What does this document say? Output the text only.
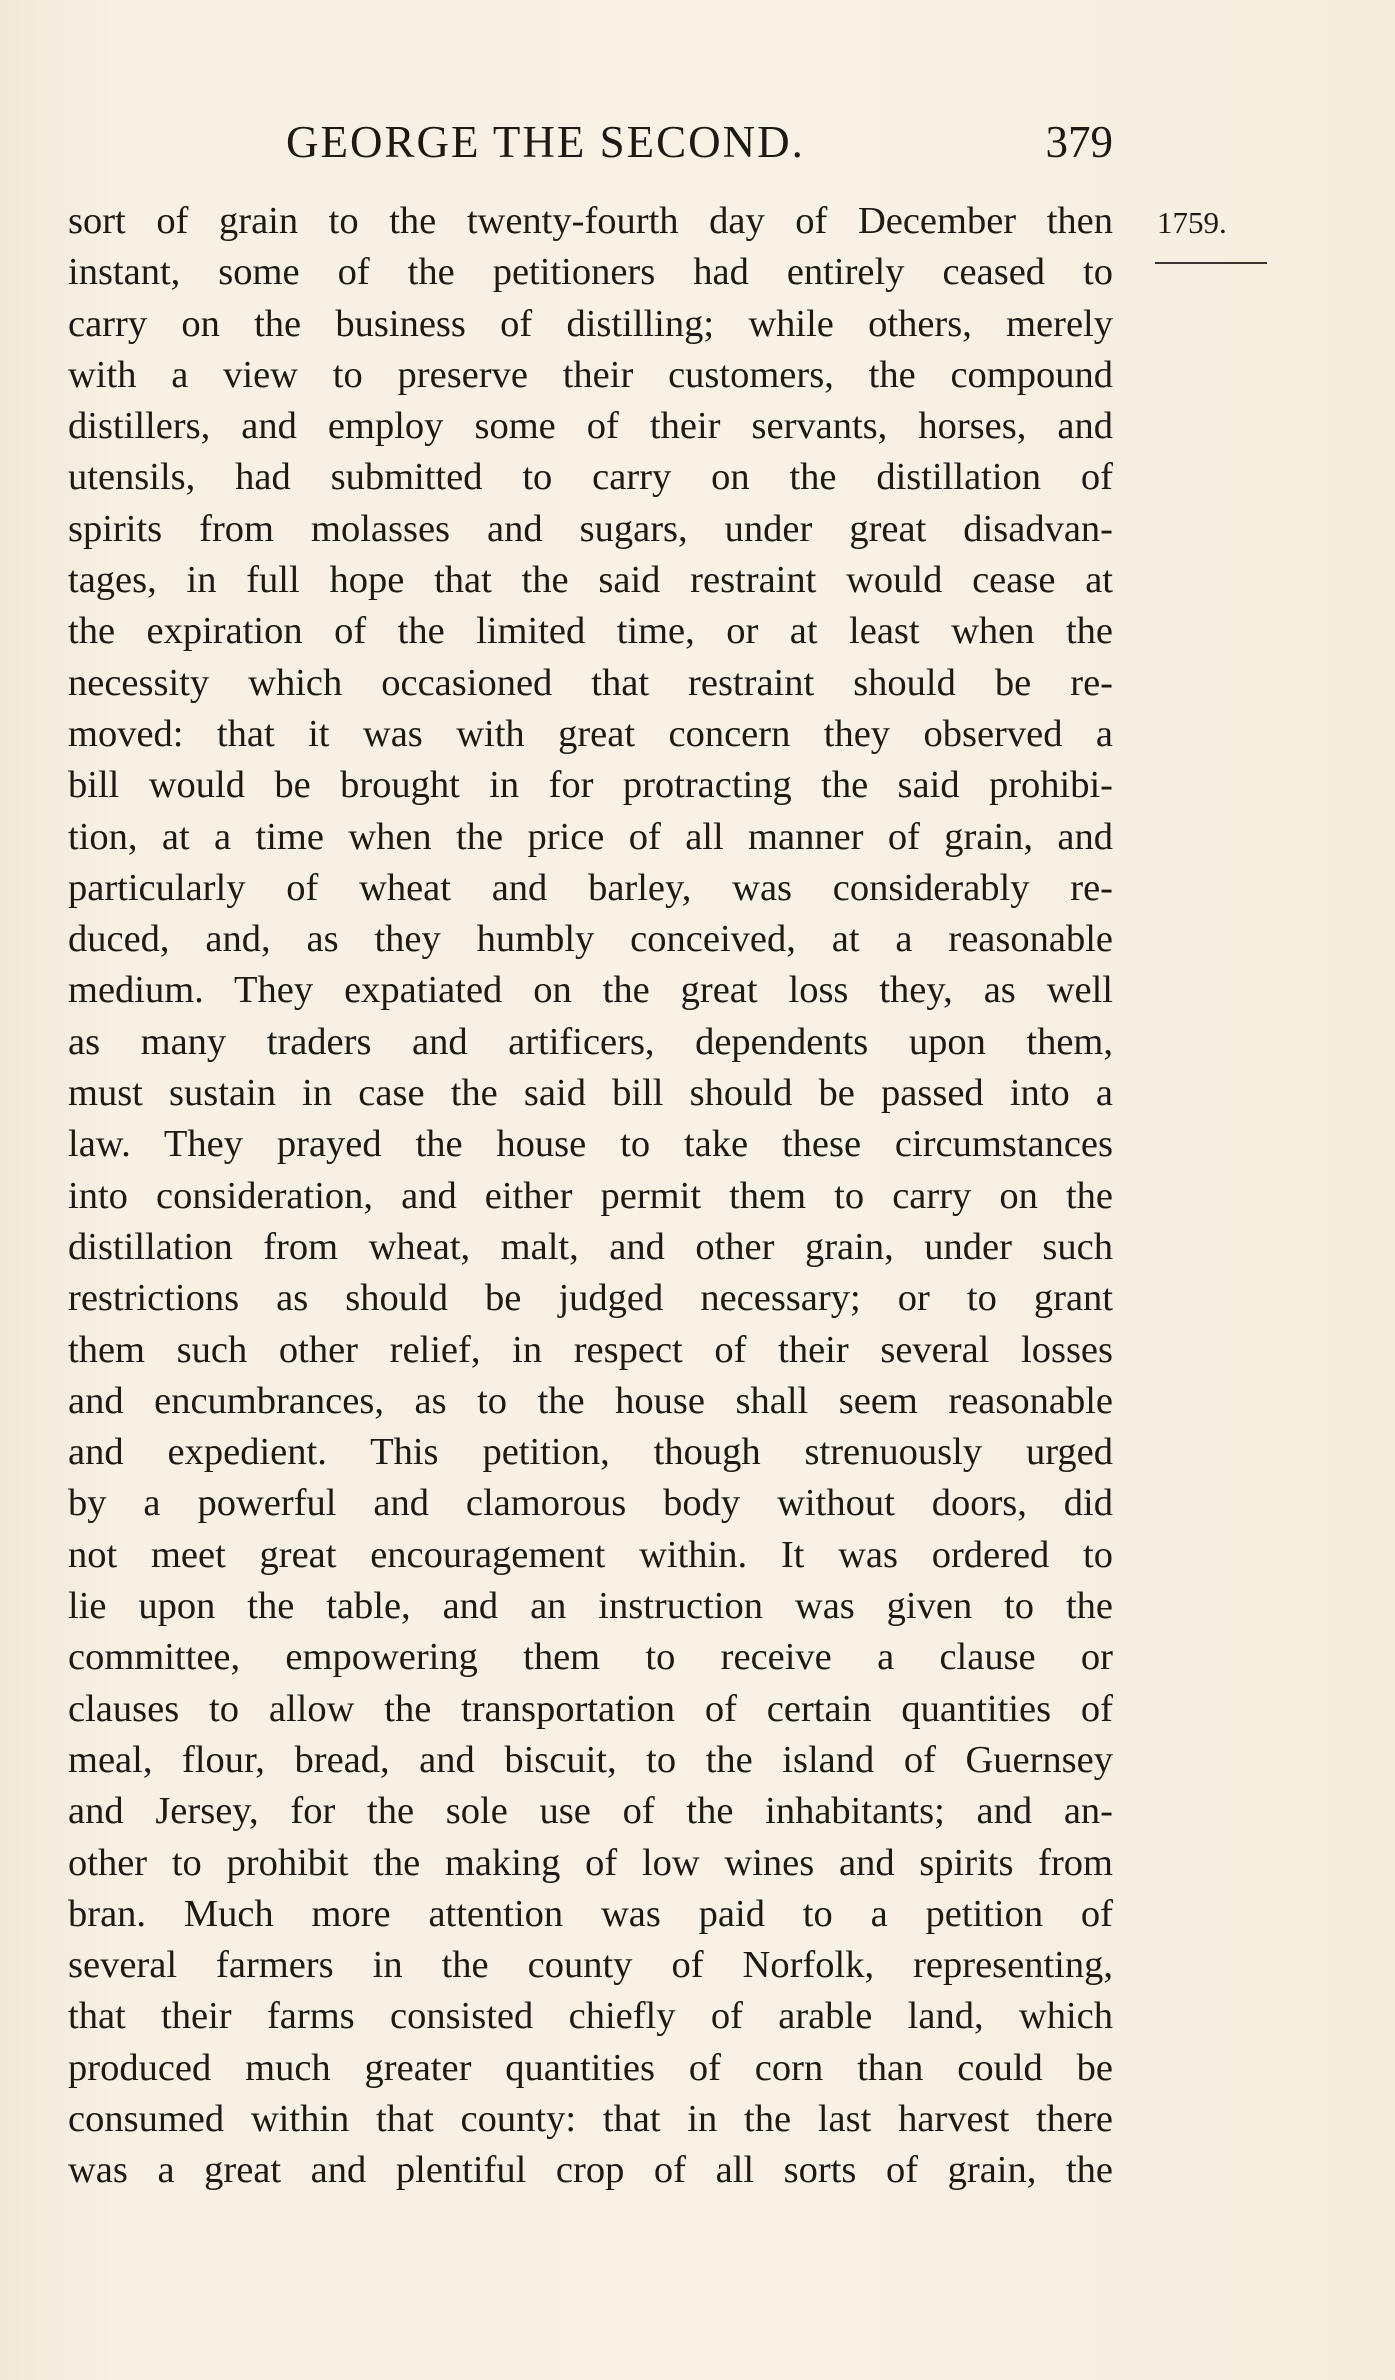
GEORGE THE SECOND.	379
1759.
sort of grain to the twenty-fourth day of December then
instant, some of the petitioners had entirely ceased to
carry on the business of distilling; while others, merely
with a view to preserve their customers, the compound
distillers, and employ some of their servants, horses, and
utensils, had submitted to carry on the distillation of
spirits from molasses and sugars, under great disadvan-
tages, in full hope that the said restraint would cease at
the expiration of the limited time, or at least when the
necessity which occasioned that restraint should be re-
moved: that it was with great concern they observed a
bill would be brought in for protracting the said prohibi-
tion, at a time when the price of all manner of grain, and
particularly of wheat and barley, was considerably re-
duced, and, as they humbly conceived, at a reasonable
medium. They expatiated on the great loss they, as well
as many traders and artificers, dependents upon them,
must sustain in case the said bill should be passed into a
law. They prayed the house to take these circumstances
into consideration, and either permit them to carry on the
distillation from wheat, malt, and other grain, under such
restrictions as should be judged necessary; or to grant
them such other relief, in respect of their several losses
and encumbrances, as to the house shall seem reasonable
and expedient. This petition, though strenuously urged
by a powerful and clamorous body without doors, did
not meet great encouragement within. It was ordered to
lie upon the table, and an instruction was given to the
committee, empowering them to receive a clause or
clauses to allow the transportation of certain quantities of
meal, flour, bread, and biscuit, to the island of Guernsey
and Jersey, for the sole use of the inhabitants; and an-
other to prohibit the making of low wines and spirits from
bran. Much more attention was paid to a petition of
several farmers in the county of Norfolk, representing,
that their farms consisted chiefly of arable land, which
produced much greater quantities of corn than could be
consumed within that county: that in the last harvest there
was a great and plentiful crop of all sorts of grain, the
